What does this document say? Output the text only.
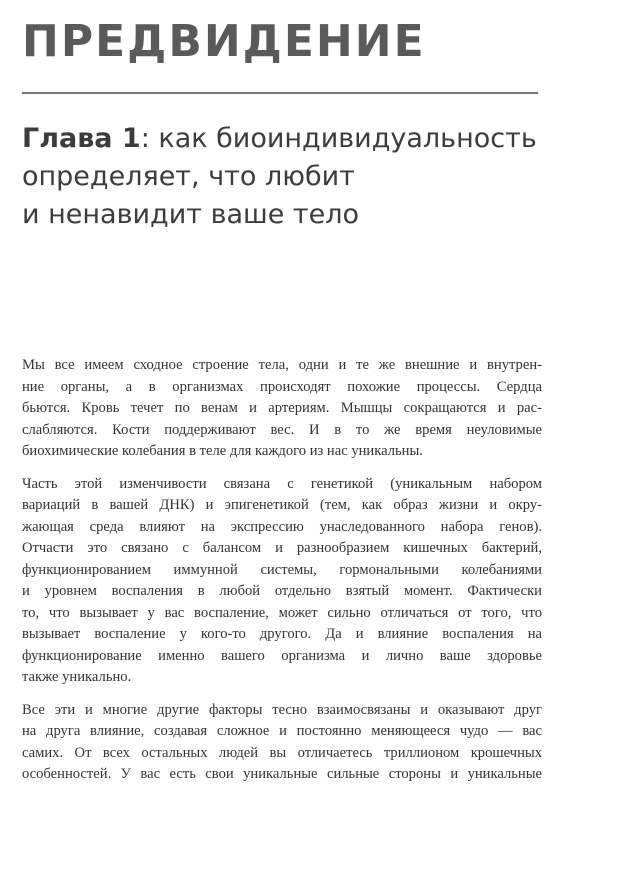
ПРЕДВИДЕНИЕ
Глава 1: как биоиндивидуальность
определяет, что любит
и ненавидит ваше тело

Мы все имеем сходное строение тела, одни и те же внешние и внутрен-
ние органы, а в организмах происходят похожие процессы. Сердца
бьются. Кровь течет по венам и артериям. Мышцы сокращаются и рас-
слабляются. Кости поддерживают вес. И в то же время неуловимые
биохимические колебания в теле для каждого из нас уникальны.

Часть этой изменчивости связана с генетикой (уникальным набором
вариаций в вашей ДНК) и эпигенетикой (тем, как образ жизни и окру-
жающая среда влияют на экспрессию унаследованного набора генов).
Отчасти это связано с балансом и разнообразием кишечных бактерий,
функционированием иммунной системы, гормональными колебаниями
и уровнем воспаления в любой отдельно взятый момент. Фактически
то, что вызывает у вас воспаление, может сильно отличаться от того, что
вызывает воспаление у кого-то другого. Да и влияние воспаления на
функционирование именно вашего организма и лично ваше здоровье
также уникально.

Все эти и многие другие факторы тесно взаимосвязаны и оказывают друг
на друга влияние, создавая сложное и постоянно меняющееся чудо — вас
самих. От всех остальных людей вы отличаетесь триллионом крошечных
особенностей. У вас есть свои уникальные сильные стороны и уникальные
